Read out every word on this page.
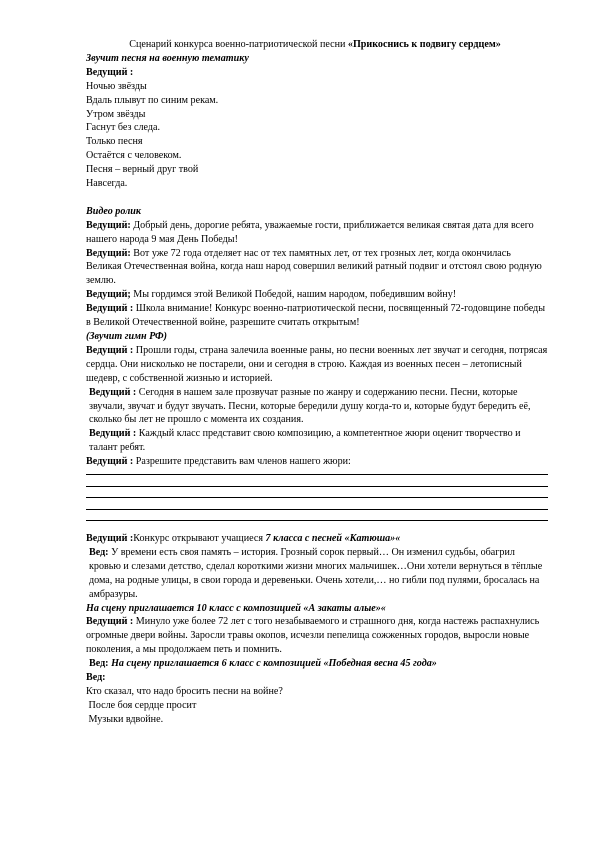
Сценарий конкурса военно-патриотической песни «Прикоснись к подвигу сердцем»
Звучит песня на военную тематику
Ведущий :
Ночью звёзды
Вдаль плывут по синим рекам.
Утром звёзды
Гаснут без следа.
Только песня
Остаётся с человеком.
Песня – верный друг твой
Навсегда.
Видео ролик
Ведущий: Добрый день, дорогие ребята, уважаемые гости, приближается великая святая дата для всего нашего народа 9 мая День Победы!
Ведущий: Вот уже 72 года отделяет нас от тех памятных лет, от тех грозных лет, когда окончилась Великая Отечественная война, когда наш народ совершил великий ратный подвиг и отстоял свою родную землю.
Ведущий; Мы гордимся этой Великой Победой, нашим народом, победившим войну!
Ведущий : Школа внимание! Конкурс военно-патриотической песни, посвященный 72-годовщине победы в Великой Отечественной войне, разрешите считать открытым!
(Звучит гимн РФ)
Ведущий : Прошли годы, страна залечила военные раны, но песни военных лет звучат и сегодня, потрясая сердца. Они нисколько не постарели, они и сегодня в строю. Каждая из военных песен – летописный шедевр, с собственной жизнью и историей.
Ведущий : Сегодня в нашем зале прозвучат разные по жанру и содержанию песни. Песни, которые звучали, звучат и будут звучать. Песни, которые бередили душу когда-то и, которые будут бередить её, сколько бы лет не прошло с момента их создания.
Ведущий : Каждый класс представит свою композицию, а компетентное жюри оценит творчество и талант ребят.
Ведущий : Разрешите представить вам членов нашего жюри:
Ведущий :Конкурс открывают учащиеся 7 класса с песней «Катюша»«
Вед: У времени есть своя память – история. Грозный сорок первый… Он изменил судьбы, обагрил кровью и слезами детство, сделал короткими жизни многих мальчишек…Они хотели вернуться в тёплые дома, на родные улицы, в свои города и деревеньки. Очень хотели,… но гибли под пулями, бросалась на амбразуры.
На сцену приглашается 10 класс с композицией «А закаты алые»«
Ведущий : Минуло уже более 72 лет с того незабываемого и страшного дня, когда настежь распахнулись огромные двери войны. Заросли травы окопов, исчезли пепелища сожженных городов, выросли новые поколения, а мы продолжаем петь и помнить.
Вед: На сцену приглашается 6 класс с композицией «Победная весна 45 года»
Вед:
Кто сказал, что надо бросить песни на войне?
После боя сердце просит
Музыки вдвойне.
